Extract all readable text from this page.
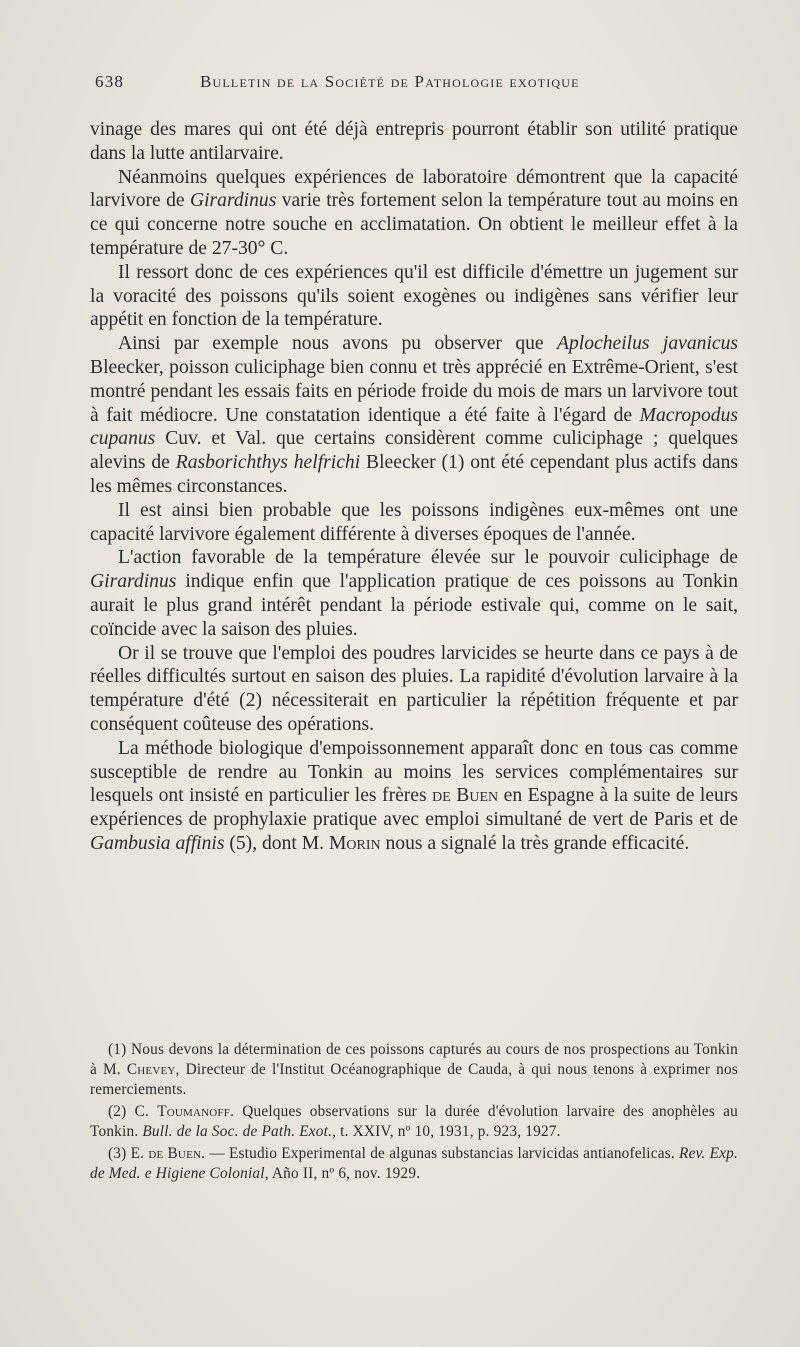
638	Bulletin de la Société de Pathologie exotique

vinage des mares qui ont été déjà entrepris pourront établir son utilité pratique dans la lutte antilarvaire.

Néanmoins quelques expériences de laboratoire démontrent que la capacité larvivore de Girardinus varie très fortement selon la température tout au moins en ce qui concerne notre souche en acclimatation. On obtient le meilleur effet à la température de 27-30° C.

Il ressort donc de ces expériences qu'il est difficile d'émettre un jugement sur la voracité des poissons qu'ils soient exogènes ou indigènes sans vérifier leur appétit en fonction de la température.

Ainsi par exemple nous avons pu observer que Aplocheilus javanicus Bleecker, poisson culiciphage bien connu et très apprécié en Extrême-Orient, s'est montré pendant les essais faits en période froide du mois de mars un larvivore tout à fait médiocre. Une constatation identique a été faite à l'égard de Macropodus cupanus Cuv. et Val. que certains considèrent comme culiciphage ; quelques alevins de Rasborichthys helfrichi Bleecker (1) ont été cependant plus actifs dans les mêmes circonstances.

Il est ainsi bien probable que les poissons indigènes eux-mêmes ont une capacité larvivore également différente à diverses époques de l'année.

L'action favorable de la température élevée sur le pouvoir culiciphage de Girardinus indique enfin que l'application pratique de ces poissons au Tonkin aurait le plus grand intérêt pendant la période estivale qui, comme on le sait, coïncide avec la saison des pluies.

Or il se trouve que l'emploi des poudres larvicides se heurte dans ce pays à de réelles difficultés surtout en saison des pluies. La rapidité d'évolution larvaire à la température d'été (2) nécessiterait en particulier la répétition fréquente et par conséquent coûteuse des opérations.

La méthode biologique d'empoissonnement apparaît donc en tous cas comme susceptible de rendre au Tonkin au moins les services complémentaires sur lesquels ont insisté en particulier les frères de Buen en Espagne à la suite de leurs expériences de prophylaxie pratique avec emploi simultané de vert de Paris et de Gambusia affinis (5), dont M. Morin nous a signalé la très grande efficacité.

(1) Nous devons la détermination de ces poissons capturés au cours de nos prospections au Tonkin à M. Chevey, Directeur de l'Institut Océanographique de Cauda, à qui nous tenons à exprimer nos remerciements.

(2) C. Toumanoff. Quelques observations sur la durée d'évolution larvaire des anophèles au Tonkin. Bull. de la Soc. de Path. Exot., t. XXIV, nº 10, 1931, p. 923, 1927.

(3) E. de Buen. — Estudio Experimental de algunas substancias larvicidas antianofelicas. Rev. Exp. de Med. e Higiene Colonial, Año II, nº 6, nov. 1929.
